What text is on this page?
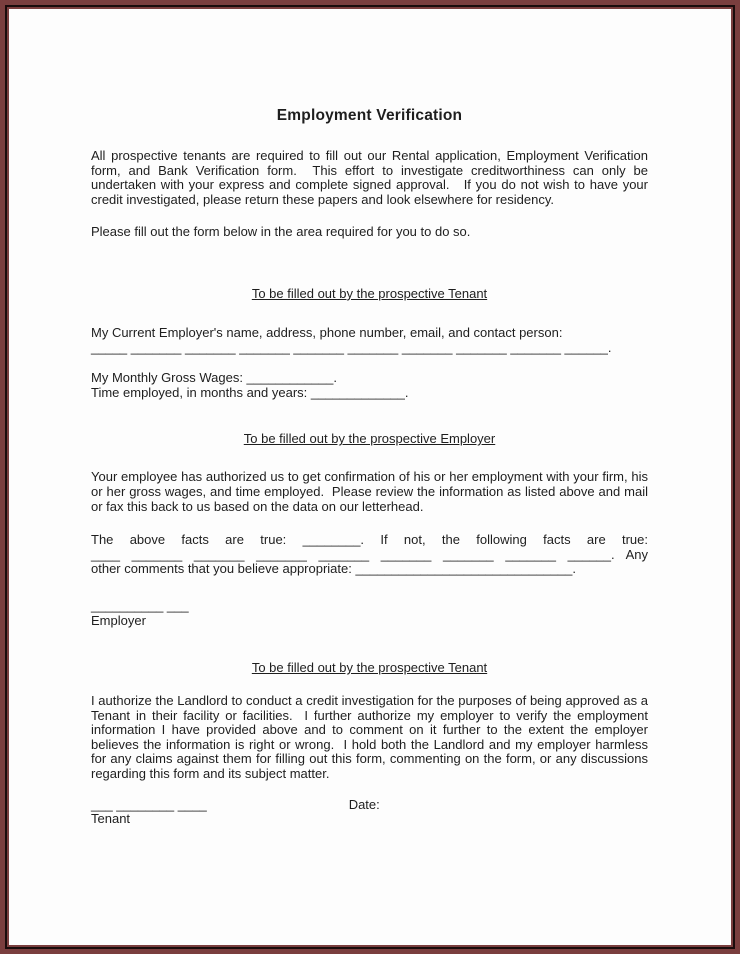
Employment Verification

All prospective tenants are required to fill out our Rental application, Employment Verification form, and Bank Verification form.  This effort to investigate creditworthiness can only be undertaken with your express and complete signed approval.   If you do not wish to have your credit investigated, please return these papers and look elsewhere for residency.

Please fill out the form below in the area required for you to do so.

To be filled out by the prospective Tenant
My Current Employer's name, address, phone number, email, and contact person:
_____ _______ _______ _______ _______ _______ _______ _______ _______ ______.
My Monthly Gross Wages: ____________.
Time employed, in months and years: _____________.
To be filled out by the prospective Employer

Your employee has authorized us to get confirmation of his or her employment with your firm, his or her gross wages, and time employed.  Please review the information as listed above and mail or fax this back to us based on the data on our letterhead.

The above facts are true: ________. If not, the following facts are true:
____ _______ _______ _______ _______ _______ _______ _______ ______. Any
other comments that you believe appropriate: ______________________________.
__________ ___
Employer
To be filled out by the prospective Tenant

I authorize the Landlord to conduct a credit investigation for the purposes of being approved as a Tenant in their facility or facilities.  I further authorize my employer to verify the employment information I have provided above and to comment on it further to the extent the employer believes the information is right or wrong.  I hold both the Landlord and my employer harmless for any claims against them for filling out this form, commenting on the form, or any discussions regarding this form and its subject matter.

___ ________ ____	Date:
Tenant
